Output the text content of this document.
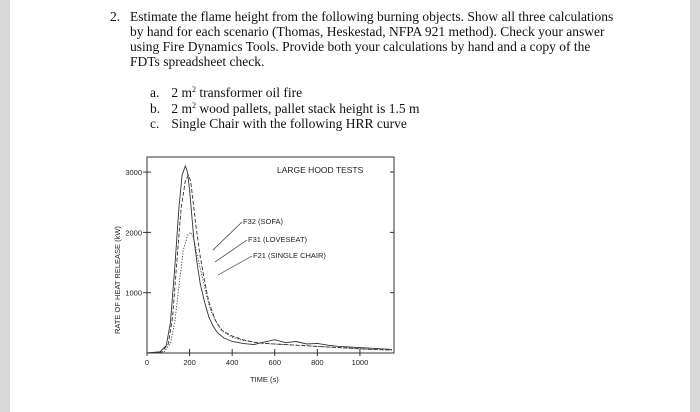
2. Estimate the flame height from the following burning objects. Show all three calculations
by hand for each scenario (Thomas, Heskestad, NFPA 921 method). Check your answer
using Fire Dynamics Tools. Provide both your calculations by hand and a copy of the
FDTs spreadsheet check.
a. 2 $m^2$ transformer oil fire
b. 2 $m^2$ wood pallets, pallet stack height is 1.5 m
c. Single Chair with the following HRR curve
1000
2000
3000
0	200	400	600	800	1000
LARGE HOOD TESTS
TIME (s)
RATE OF HEAT RELEASE (kW)
F32 (SOFA)
F31 (LOVESEAT)
F21 (SINGLE CHAIR)
